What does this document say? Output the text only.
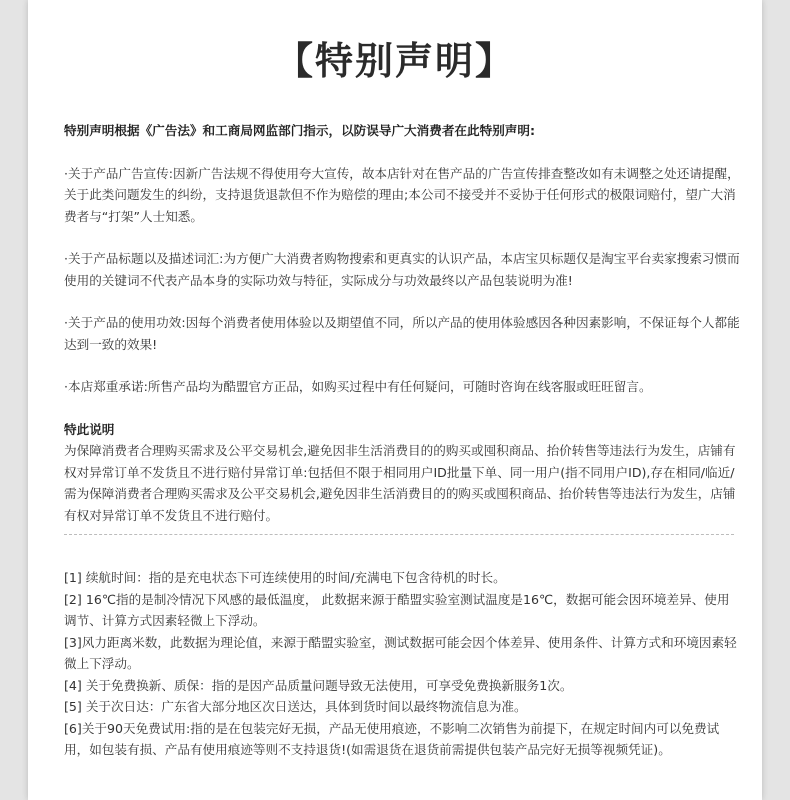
【特别声明】

特别声明根据《广告法》和工商局网监部门指示，以防误导广大消费者在此特别声明:

·关于产品广告宣传:因新广告法规不得使用夸大宣传，故本店针对在售产品的广告宣传排查整改如有未调整之处还请提醒，关于此类问题发生的纠纷，支持退货退款但不作为赔偿的理由;本公司不接受并不妥协于任何形式的极限词赔付，望广大消费者与“打架”人士知悉。

·关于产品标题以及描述词汇:为方便广大消费者购物搜索和更真实的认识产品，本店宝贝标题仅是淘宝平台卖家搜索习惯而使用的关键词不代表产品本身的实际功效与特征，实际成分与功效最终以产品包装说明为准!

·关于产品的使用功效:因每个消费者使用体验以及期望值不同，所以产品的使用体验感因各种因素影响，不保证每个人都能达到一致的效果!

·本店郑重承诺:所售产品均为酷盟官方正品，如购买过程中有任何疑问，可随时咨询在线客服或旺旺留言。

特此说明

为保障消费者合理购买需求及公平交易机会,避免因非生活消费目的的购买或囤积商品、抬价转售等违法行为发生，店铺有权对异常订单不发货且不进行赔付异常订单:包括但不限于相同用户ID批量下单、同一用户(指不同用户ID),存在相同/临近/需为保障消费者合理购买需求及公平交易机会,避免因非生活消费目的的购买或囤积商品、抬价转售等违法行为发生，店铺有权对异常订单不发货且不进行赔付。

[1] 续航时间：指的是充电状态下可连续使用的时间/充满电下包含待机的时长。

[2] 16℃指的是制冷情况下风感的最低温度， 此数据来源于酷盟实验室测试温度是16℃，数据可能会因环境差异、使用调节、计算方式因素轻微上下浮动。

[3]风力距离米数，此数据为理论值，来源于酷盟实验室，测试数据可能会因个体差异、使用条件、计算方式和环境因素轻微上下浮动。

[4] 关于免费换新、质保：指的是因产品质量问题导致无法使用，可享受免费换新服务1次。

[5] 关于次日达：广东省大部分地区次日送达，具体到货时间以最终物流信息为准。

[6]关于90天免费试用:指的是在包装完好无损，产品无使用痕迹，不影响二次销售为前提下，在规定时间内可以免费试用，如包装有损、产品有使用痕迹等则不支持退货!(如需退货在退货前需提供包装产品完好无损等视频凭证)。
